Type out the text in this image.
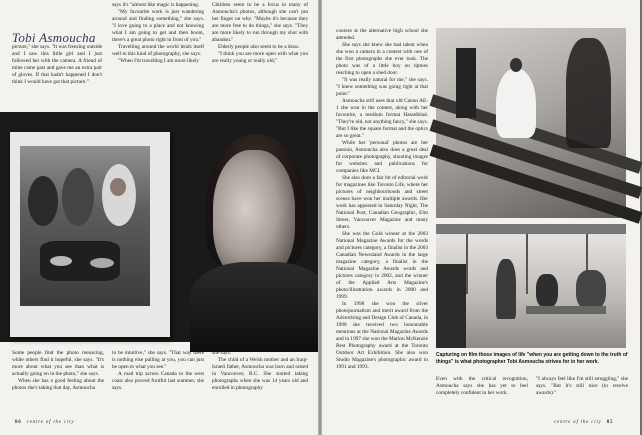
Tobi Asmoucha

picture," she says. "It was freezing outside and I saw this little girl and I just followed her with the camera. A friend of mine came past and gave me an extra pair of gloves. If that hadn't happened I don't think I would have got that picture."

says it's "almost like magic is happening.

"My favourite work is just wandering around and finding something," she says. "I love going to a place and not knowing what I am going to get and then boom, there's a great photo right in front of you."

Travelling around the world lends itself well to this kind of photography, she says.

"When I'm travelling I am more likely

Children seem to be a focus in many of Asmoucha's photos, although she can't put her finger on why. "Maybe it's because they are more free to do things," she says. "They are more likely to run through my shot with abandon."

Elderly people also seem to be a draw.

"I think you are more open with what you are really young or really old,"

Some people find the photo menacing, while others find it hopeful, she says. "It's more about what you see than what is actually going on in the photo," she says.

When she has a good feeling about the photos she's taking that day, Asmoucha

to be intuitive," she says. "That way there is nothing else pulling at you, you can just be open to what you see."

A road trip across Canada to the west coast also proved fruitful last summer, she says.

she says.

The child of a Welsh mother and an Iraqi-Israeli father, Asmoucha was born and raised in Vancouver, B.C. She started taking photographs when she was 14 years old and enrolled in photography

86 centre of the city

courses at the alternative high school she attended.

She says she knew she had talent when she won a camera in a contest with one of the first photographs she ever took. The photo was of a little boy on tiptoes reaching to open a shed door.

"It was really natural for me," she says. "I knew something was going right at that point."

Asmoucha still uses that old Canon AE-1 she won in the contest, along with her favourite, a medium format Hasselblad. "They're old, not anything fancy," she says. "But I like the square format and the optics are so great."

While her 'personal' photos are her passion, Asmoucha also does a great deal of corporate photography, shooting images for websites and publications for companies like MCI.

She also does a fair bit of editorial work for magazines like Toronto Life, where her pictures of neighbourhoods and street scenes have won her multiple awards. Her work has appeared in Saturday Night, The National Post, Canadian Geographic, Elm Street, Vancouver Magazine and many others.

She was the Gold winner at the 2003 National Magazine Awards for the words and pictures category, a finalist in the 2003 Canadian Newsstand Awards in the large magazine category, a finalist in the National Magazine Awards words and pictures category in 2002, and the winner of the Applied Arts Magazine's photo/illustration awards in 2000 and 1999.

In 1998 she won the silver photojournalism and merit award from the Advertising and Design Club of Canada, in 1998 she received two honourable mentions at the National Magazine Awards and in 1997 she won the Marion McKenzie Best Photography award at the Toronto Outdoor Art Exhibition. She also won Studio Magazine's photographic award in 1991 and 1993.

Even with the critical recognition, Asmoucha says she has yet to feel completely confident in her work.

"I always feel like I'm still struggling," she says. "But it's still nice (to receive awards)."

centre of the city 85
Capturing on film those images of life "when you are getting down to the truth of things" is what photographer Tobi Asmoucha strives for in her work.
